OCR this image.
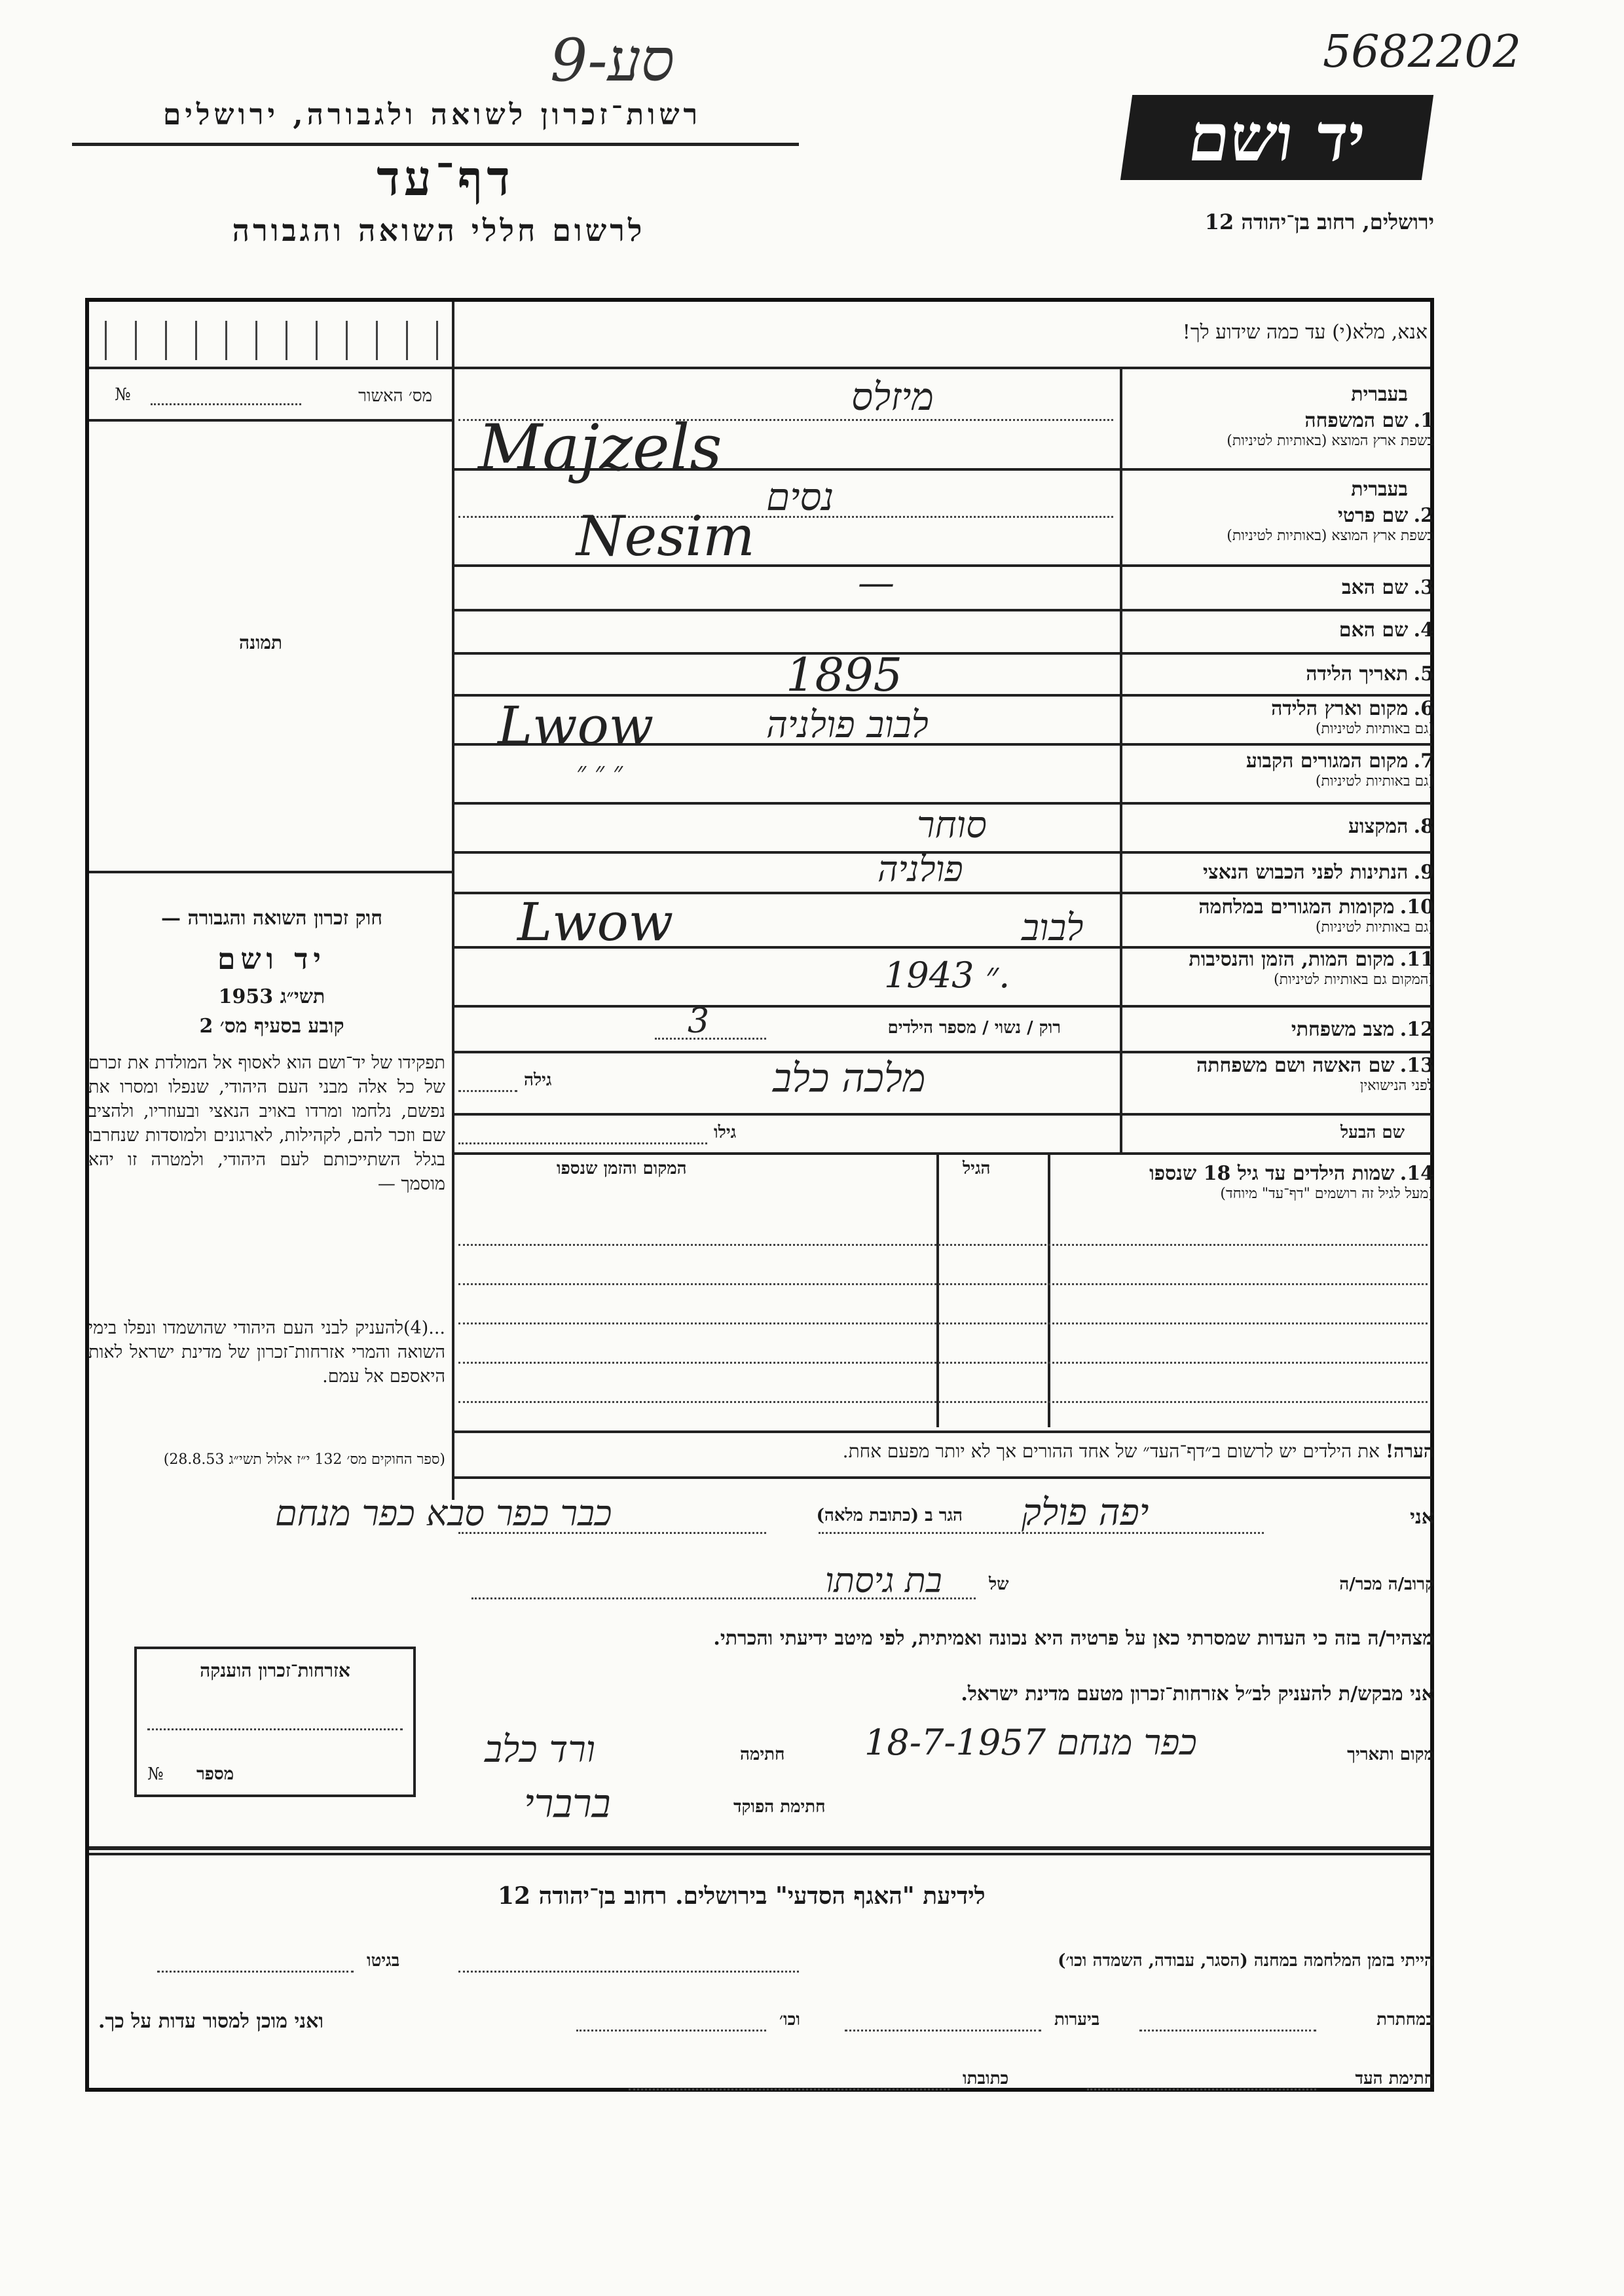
9-סע	5682202
רשות־זכרון לשואה ולגבורה, ירושלים
דף־עד
לרשום חללי השואה והגבורה
יד ושם
ירושלים, רחוב בן־יהודה 12
אנא, מלא(י) עד כמה שידוע לך!
מס׳ האשור
№
תמונה
חוק זכרון השואה והגבורה —
יד ושם
תשי״ג 1953
קובע בסעיף מס׳ 2
תפקידו של יד־ושם הוא לאסוף אל המולדת את זכרם של כל אלה מבני העם היהודי, שנפלו ומסרו את נפשם, נלחמו ומרדו באויב הנאצי ובעוזריו, ולהציב שם וזכר להם, לקהילות, לארגונים ולמוסדות שנחרבו בגלל השתייכותם לעם היהודי, ולמטרה זו יהא מוסמך —
...(4)להעניק לבני העם היהודי שהושמדו ונפלו בימי השואה והמרי אזרחות־זכרון של מדינת ישראל לאות היאספם אל עמם.
(ספר החוקים מס׳ 132 י״ז אלול תשי״ג 28.8.53)
בעברית
1. שם המשפחה
בשפת ארץ המוצא (באותיות לטיניות)
מיזלס
Majzels
בעברית
2. שם פרטי
בשפת ארץ המוצא (באותיות לטיניות)
נסים
Nesim
3. שם האב
—
4. שם האם
5. תאריך הלידה
1895
6. מקום וארץ הלידה
(גם באותיות לטיניות)
לבוב פולניה
Lwow
7. מקום המגורים הקבוע
(גם באותיות לטיניות)
״ ״ ״
8. המקצוע
סוחר
9. הנתינות לפני הכבוש הנאצי
פולניה
10. מקומות המגורים במלחמה
(גם באותיות לטיניות)
לבוב
Lwow
11. מקום המות, הזמן והנסיבות
(המקום גם באותיות לטיניות)
״ 1943.
12. מצב משפחתי
רוק / נשוי / מספר הילדים
3
13. שם האשה ושם משפחתה
לפני הנישואין
מלכה כלב
גילה
שם הבעל
גילו
14. שמות הילדים עד גיל 18 שנספו
(מעל לגיל זה רושמים "דף־עד" מיוחד)
הגיל
המקום והזמן שנספו
הערה! את הילדים יש לרשום ב״דף־העד״ של אחד ההורים אך לא יותר מפעם אחת.
אני
יפה פולק
הגר ב (כתובת מלאה)
כבר כפר סבא כפר מנחם
קרוב/ה מכר/ה
בת גיסתו	של
מצהיר/ה בזה כי העדות שמסרתי כאן על פרטיה היא נכונה ואמיתית, לפי מיטב ידיעתי והכרתי.
אני מבקש/ת להעניק לב״ל אזרחות־זכרון מטעם מדינת ישראל.
מקום ותאריך
כפר מנחם 18-7-1957
חתימה
ורד כלב
חתימת הפוקד
ברברי
אזרחות־זכרון הוענקה
מספר
№
לידיעת "האגף הסדעי" בירושלים. רחוב בן־יהודה 12
הייתי בזמן המלחמה במחנה (הסגר, עבודה, השמדה וכו׳)
בגיטו
במחתרת
ביערות
וכו׳
ואני מוכן למסור עדות על כך.
חתימת העד
כתובתו
